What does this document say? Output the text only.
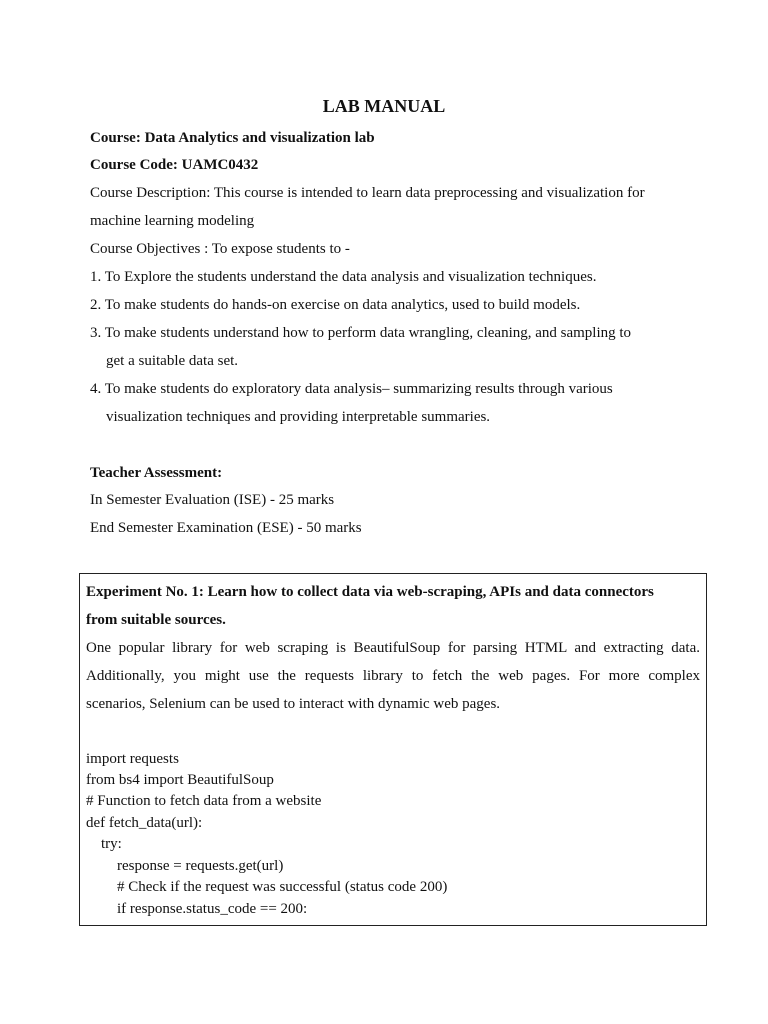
LAB MANUAL
Course: Data Analytics and visualization lab
Course Code: UAMC0432
Course Description: This course is intended to learn data preprocessing and visualization for
machine learning modeling
Course Objectives : To expose students to -
1. To Explore the students understand the data analysis and visualization techniques.
2. To make students do hands-on exercise on data analytics, used to build models.
3. To make students understand how to perform data wrangling, cleaning, and sampling to
get a suitable data set.
4. To make students do exploratory data analysis– summarizing results through various
visualization techniques and providing interpretable summaries.
Teacher Assessment:
In Semester Evaluation (ISE) - 25 marks
End Semester Examination (ESE) - 50 marks
Experiment No. 1: Learn how to collect data via web-scraping, APIs and data connectors
from suitable sources.
One popular library for web scraping is BeautifulSoup for parsing HTML and extracting data.
Additionally, you might use the requests library to fetch the web pages. For more complex
scenarios, Selenium can be used to interact with dynamic web pages.
import requests
from bs4 import BeautifulSoup
# Function to fetch data from a website
def fetch_data(url):
try:
response = requests.get(url)
# Check if the request was successful (status code 200)
if response.status_code == 200:
